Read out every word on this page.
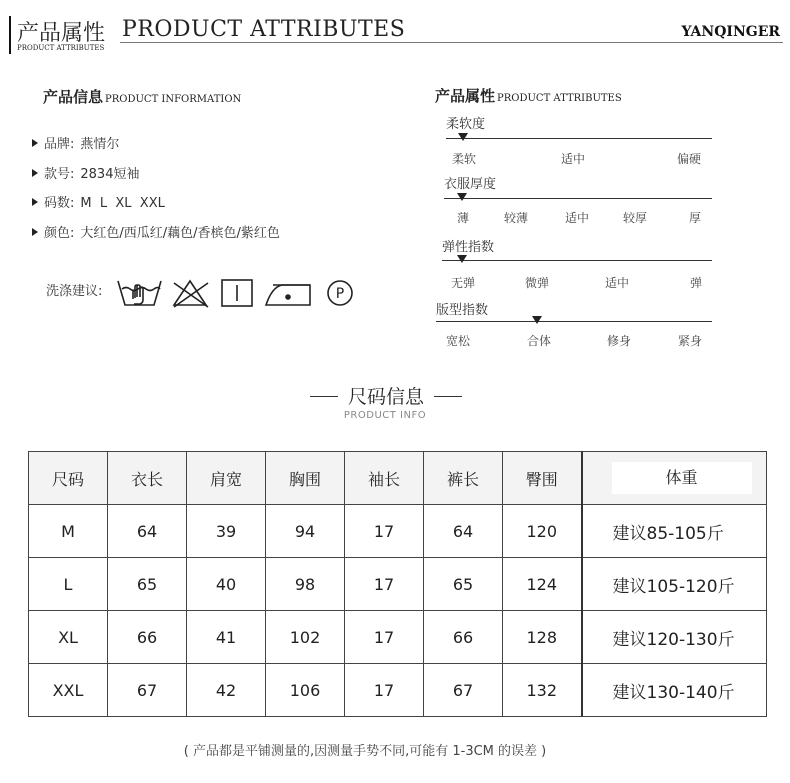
产品属性 PRODUCT ATTRIBUTES
PRODUCT ATTRIBUTES
YANQINGER
产品信息 PRODUCT INFORMATION
品牌: 燕情尔
款号: 2834短袖
码数: M  L  XL  XXL
颜色: 大红色/西瓜红/藕色/香槟色/紫红色
洗涤建议:	P
产品属性 PRODUCT ATTRIBUTES
柔软度
柔软	适中	偏硬
衣服厚度
薄	较薄	适中	较厚	厚
弹性指数
无弹	微弹	适中	弹
版型指数
宽松	合体	修身	紧身
尺码信息
PRODUCT INFO
尺码	衣长	肩宽	胸围	袖长	裤长	臀围	体重
M	64	39	94	17	64	120	建议85-105斤
L	65	40	98	17	65	124	建议105-120斤
XL	66	41	102	17	66	128	建议120-130斤
XXL	67	42	106	17	67	132	建议130-140斤
( 产品都是平铺测量的,因测量手势不同,可能有 1-3CM 的误差 )
